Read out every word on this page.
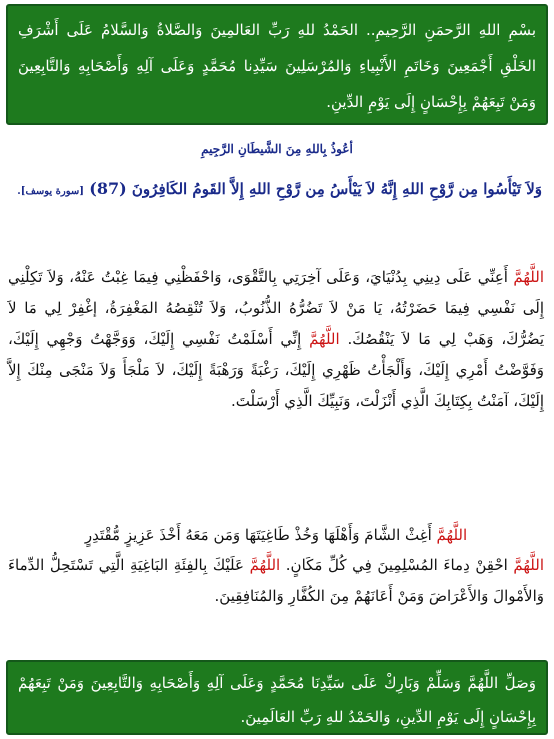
بسْمِ اللهِ الرَّحمَنِ الرَّحِيمِ.. الحَمْدُ للهِ رَبِّ العَالمِينَ وَالصَّلاةُ وَالسَّلامُ عَلَى أَشْرَفِ الخَلْقِ أَجْمَعِينَ وَخَاتَمِ الأَنْبِياءِ وَالمُرْسَلِينَ سَيِّدِنا مُحَمَّدٍ وَعَلَى آلِهِ وَأَصْحَابِهِ وَالتَّابِعِينَ وَمَنْ تَبِعَهُمْ بِإِحْسَانٍ إِلَى يَوْمِ الدِّينِ.
أعُوذُ بِاللهِ مِنَ الشَّيطَانِ الرَّجِيمِ
وَلاَ تَيْأَسُوا مِن رَّوْحِ اللهِ إِنَّهُ لاَ يَيْأَسُ مِن رَّوْحِ اللهِ إِلاَّ القَومُ الكَافِرُونَ (87) [سورة يوسف].
اللَّهُمَّ أَعِنِّي عَلَى دِينِي بِدُنْيَايَ، وَعَلَى آخِرَتِي بِالتَّقْوَى، وَاحْفَظْنِي فِيمَا غِبْتُ عَنْهُ، وَلاَ تَكِلْنِي إِلَى نَفْسِي فِيمَا حَضَرْتُهُ، يَا مَنْ لاَ تَضُرُّهُ الذُّنُوبُ، وَلاَ تُنْقِصُهُ المَغْفِرَةُ، إغْفِرْ لِي مَا لاَ يَضُرُّكَ، وَهَبْ لِي مَا لاَ يَنْقُصُكَ. اللَّهُمَّ إِنِّي أَسْلَمْتُ نَفْسِي إِلَيْكَ، وَوَجَّهْتُ وَجْهِي إِلَيْكَ، وَفَوَّضْتُ أَمْرِي إِلَيْكَ، وَأَلْجَأْتُ ظَهْرِي إِلَيْكَ، رَغْبَةً وَرَهْبَةً إِلَيْكَ، لاَ مَلْجَأَ وَلاَ مَنْجَى مِنْكَ إِلاَّ إِلَيْكَ، آمَنْتُ بِكِتَابِكَ الَّذِي أَنْزَلْتَ، وَنَبِيِّكَ الَّذِي أَرْسَلْتَ.
اللَّهُمَّ أَغِثْ الشَّامَ وَأَهْلَهَا وَخُذْ طَاغِيَتَهَا وَمَن مَعَهُ أَخْذَ عَزِيزٍ مُّقْتَدِرٍ
اللَّهُمَّ احْقِنْ دِماءَ المُسْلِمِينَ فِي كُلِّ مَكَانٍ. اللَّهُمَّ عَلَيْكَ بِالفِئَةِ البَاغِيَةِ الَّتِي تَسْتَحِلُّ الدِّماءَ وَالأَمْوالَ وَالأَعْرَاضَ وَمَنْ أَعَانَهُمْ مِنَ الكُفَّارِ وَالمُنَافِقِينَ.
وَصَلِّ اللَّهُمَّ وَسَلِّمْ وَبَارِكْ عَلَى سَيِّدِنَا مُحَمَّدٍ وَعَلَى آلِهِ وَأَصْحَابِهِ وَالتَّابِعِينَ وَمَنْ تَبِعَهُمْ بِإِحْسَانٍ إِلَى يَوْمِ الدِّينِ، وَالحَمْدُ للهِ رَبِّ العَالَمِينَ.
